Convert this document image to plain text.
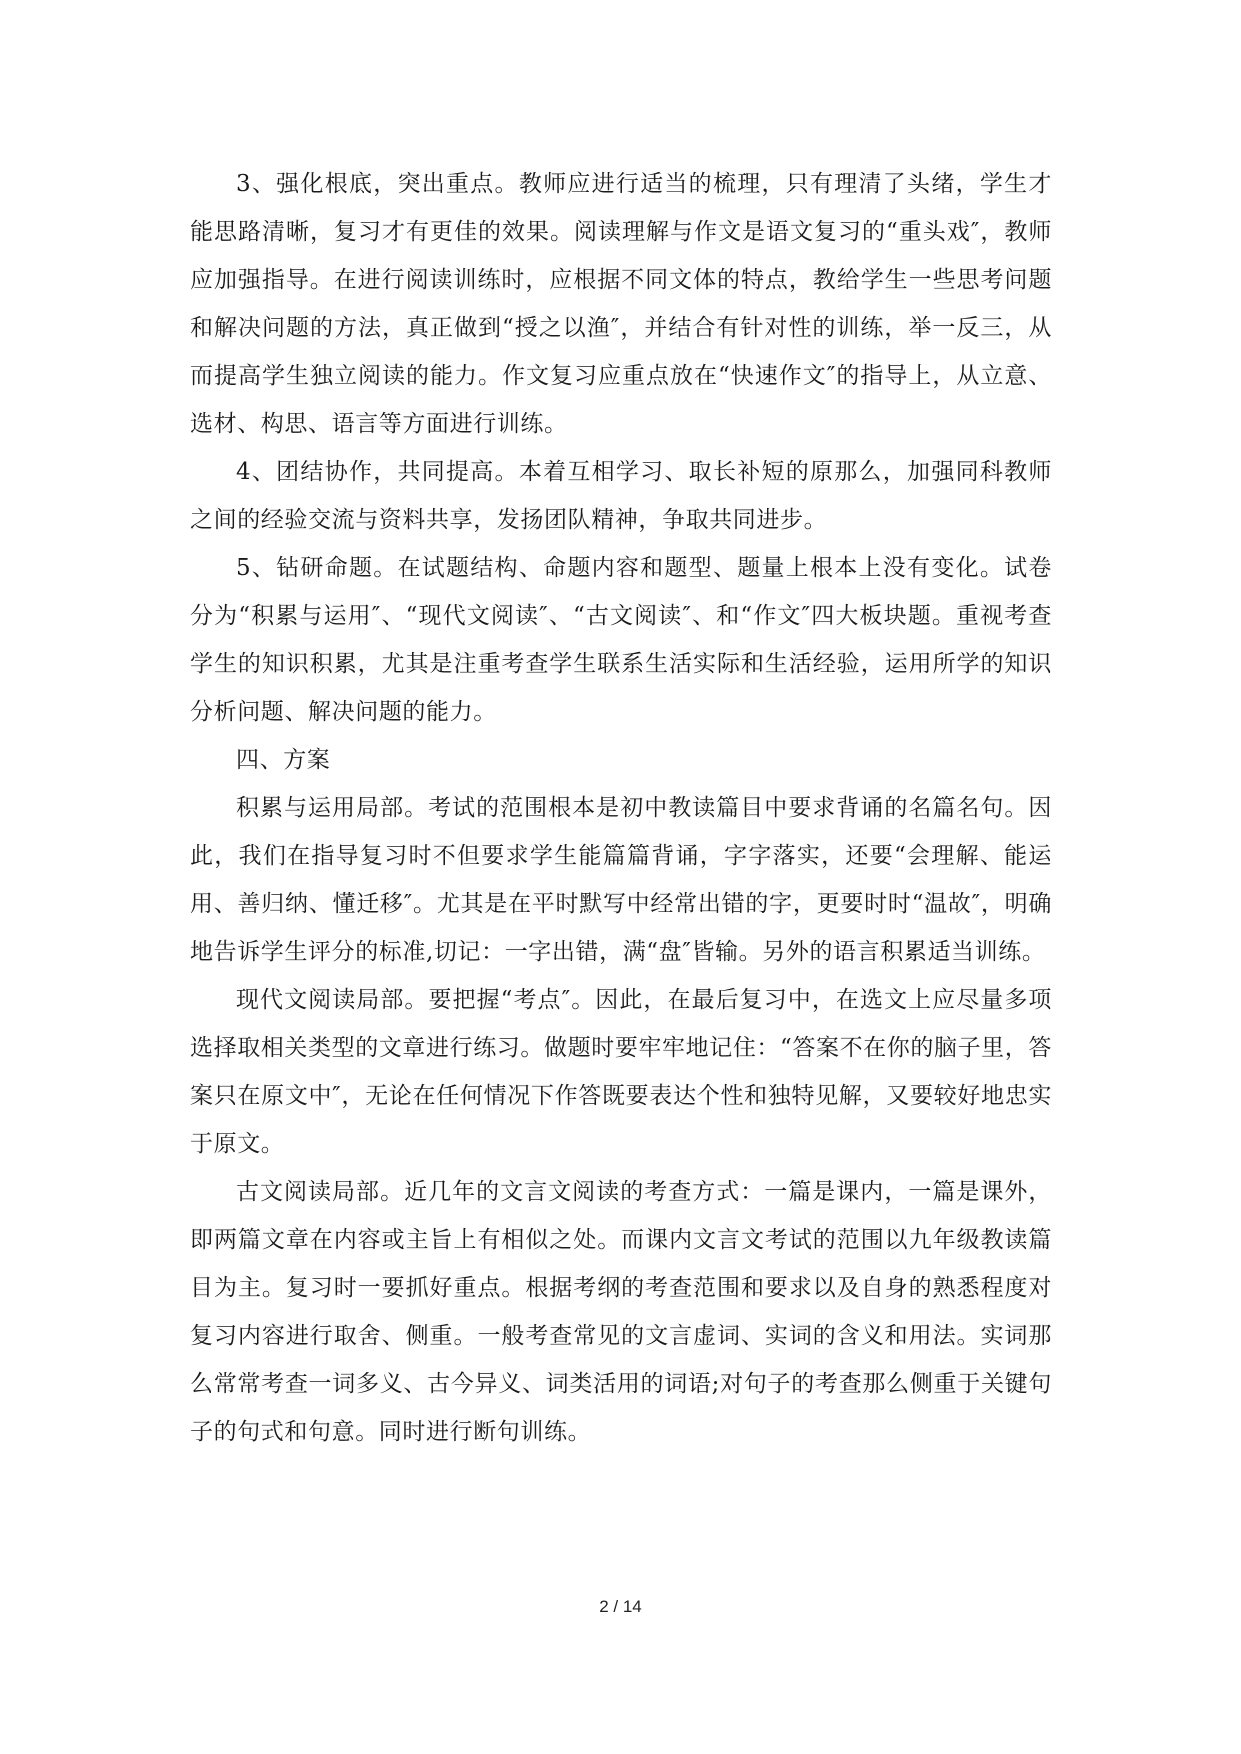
3、强化根底，突出重点。教师应进行适当的梳理，只有理清了头绪，学生才能思路清晰，复习才有更佳的效果。阅读理解与作文是语文复习的“重头戏″，教师应加强指导。在进行阅读训练时，应根据不同文体的特点，教给学生一些思考问题和解决问题的方法，真正做到“授之以渔″，并结合有针对性的训练，举一反三，从而提高学生独立阅读的能力。作文复习应重点放在“快速作文″的指导上，从立意、选材、构思、语言等方面进行训练。

4、团结协作，共同提高。本着互相学习、取长补短的原那么，加强同科教师之间的经验交流与资料共享，发扬团队精神，争取共同进步。

5、钻研命题。在试题结构、命题内容和题型、题量上根本上没有变化。试卷分为“积累与运用″、“现代文阅读″、“古文阅读″、和“作文″四大板块题。重视考查学生的知识积累，尤其是注重考查学生联系生活实际和生活经验，运用所学的知识分析问题、解决问题的能力。

四、方案

积累与运用局部。考试的范围根本是初中教读篇目中要求背诵的名篇名句。因此，我们在指导复习时不但要求学生能篇篇背诵，字字落实，还要“会理解、能运用、善归纳、懂迁移″。尤其是在平时默写中经常出错的字，更要时时“温故″，明确地告诉学生评分的标准,切记：一字出错，满“盘″皆输。另外的语言积累适当训练。

现代文阅读局部。要把握“考点″。因此，在最后复习中，在选文上应尽量多项选择取相关类型的文章进行练习。做题时要牢牢地记住：“答案不在你的脑子里，答案只在原文中″，无论在任何情况下作答既要表达个性和独特见解，又要较好地忠实于原文。

古文阅读局部。近几年的文言文阅读的考查方式：一篇是课内，一篇是课外，即两篇文章在内容或主旨上有相似之处。而课内文言文考试的范围以九年级教读篇目为主。复习时一要抓好重点。根据考纲的考查范围和要求以及自身的熟悉程度对复习内容进行取舍、侧重。一般考查常见的文言虚词、实词的含义和用法。实词那么常常考查一词多义、古今异义、词类活用的词语;对句子的考查那么侧重于关键句子的句式和句意。同时进行断句训练。

2 / 14
